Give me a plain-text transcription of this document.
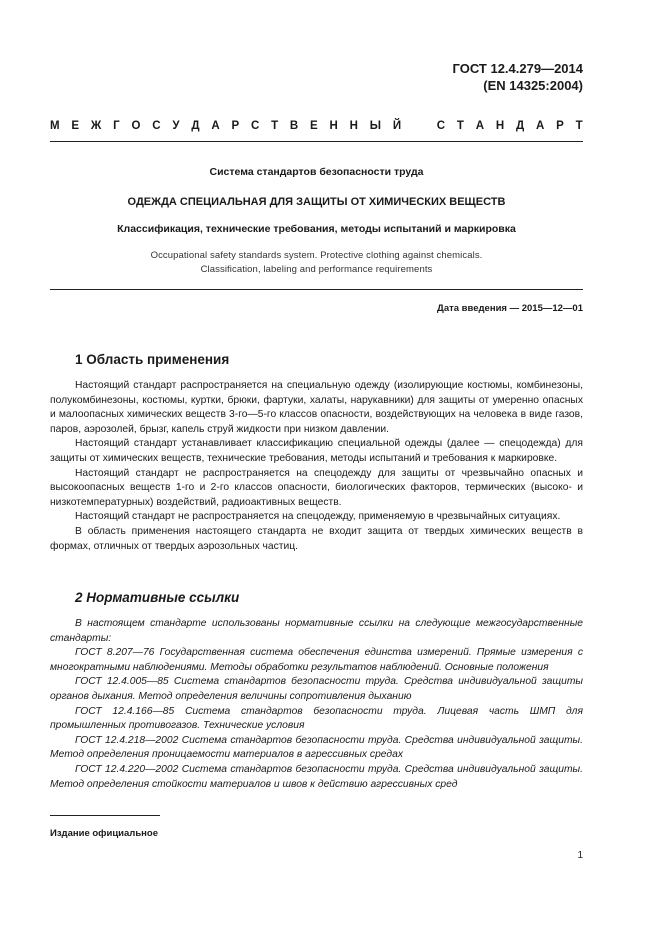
ГОСТ 12.4.279—2014
(EN 14325:2004)
М Е Ж Г О С У Д А Р С Т В Е Н Н Ы Й	С Т А Н Д А Р Т
Система стандартов безопасности труда
ОДЕЖДА СПЕЦИАЛЬНАЯ ДЛЯ ЗАЩИТЫ ОТ ХИМИЧЕСКИХ ВЕЩЕСТВ
Классификация, технические требования, методы испытаний и маркировка
Occupational safety standards system. Protective clothing against chemicals.
Classification, labeling and performance requirements
Дата введения — 2015—12—01
1 Область применения

Настоящий стандарт распространяется на специальную одежду (изолирующие костюмы, комбинезоны, полукомбинезоны, костюмы, куртки, брюки, фартуки, халаты, нарукавники) для защиты от умеренно опасных и малоопасных химических веществ 3-го—5-го классов опасности, воздействующих на человека в виде газов, паров, аэрозолей, брызг, капель струй жидкости при низком давлении.

Настоящий стандарт устанавливает классификацию специальной одежды (далее — спецодежда) для защиты от химических веществ, технические требования, методы испытаний и требования к маркировке.

Настоящий стандарт не распространяется на спецодежду для защиты от чрезвычайно опасных и высокоопасных веществ 1-го и 2-го классов опасности, биологических факторов, термических (высоко- и низкотемпературных) воздействий, радиоактивных веществ.

Настоящий стандарт не распространяется на спецодежду, применяемую в чрезвычайных ситуациях.

В область применения настоящего стандарта не входит защита от твердых химических веществ в формах, отличных от твердых аэрозольных частиц.

2 Нормативные ссылки

В настоящем стандарте использованы нормативные ссылки на следующие межгосударственные стандарты:

ГОСТ 8.207—76 Государственная система обеспечения единства измерений. Прямые измерения с многократными наблюдениями. Методы обработки результатов наблюдений. Основные положения

ГОСТ 12.4.005—85 Система стандартов безопасности труда. Средства индивидуальной защиты органов дыхания. Метод определения величины сопротивления дыханию

ГОСТ 12.4.166—85 Система стандартов безопасности труда. Лицевая часть ШМП для промышленных противогазов. Технические условия

ГОСТ 12.4.218—2002 Система стандартов безопасности труда. Средства индивидуальной защиты. Метод определения проницаемости материалов в агрессивных средах

ГОСТ 12.4.220—2002 Система стандартов безопасности труда. Средства индивидуальной защиты. Метод определения стойкости материалов и швов к действию агрессивных сред

Издание официальное
1
